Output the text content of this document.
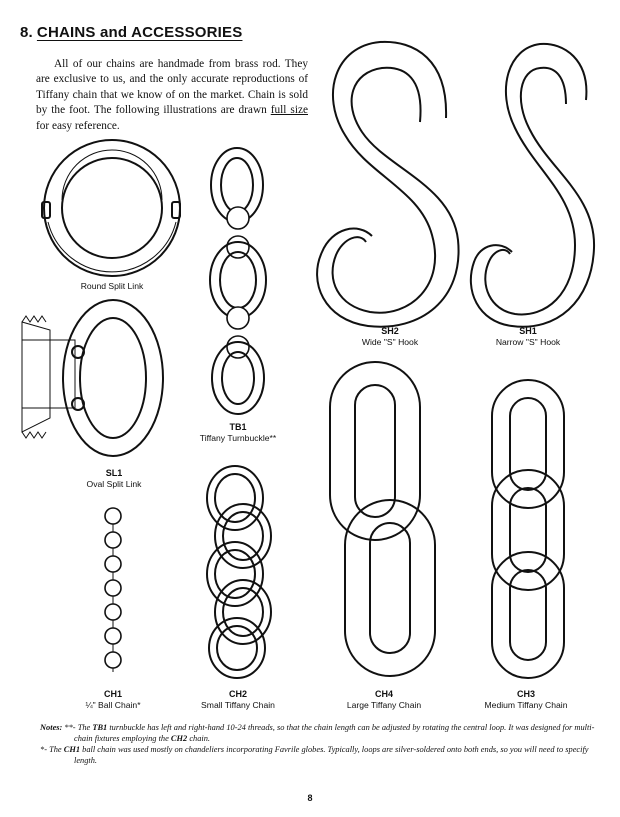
8. CHAINS and ACCESSORIES

All of our chains are handmade from brass rod. They are exclusive to us, and the only accurate reproductions of Tiffany chain that we know of on the market. Chain is sold by the foot. The following illustrations are drawn full size for easy reference.

Round Split Link
TB1
Tiffany Turnbuckle**
SH2
Wide "S" Hook
SH1
Narrow "S" Hook
SL1
Oval Split Link
CH1
¼" Ball Chain*
CH2
Small Tiffany Chain
CH4
Large Tiffany Chain
CH3
Medium Tiffany Chain

Notes: **- The TB1 turnbuckle has left and right-hand 10-24 threads, so that the chain length can be adjusted by rotating the central loop. It was designed for multi-chain fixtures employing the CH2 chain.

*- The CH1 ball chain was used mostly on chandeliers incorporating Favrile globes. Typically, loops are silver-soldered onto both ends, so you will need to specify length.

8
